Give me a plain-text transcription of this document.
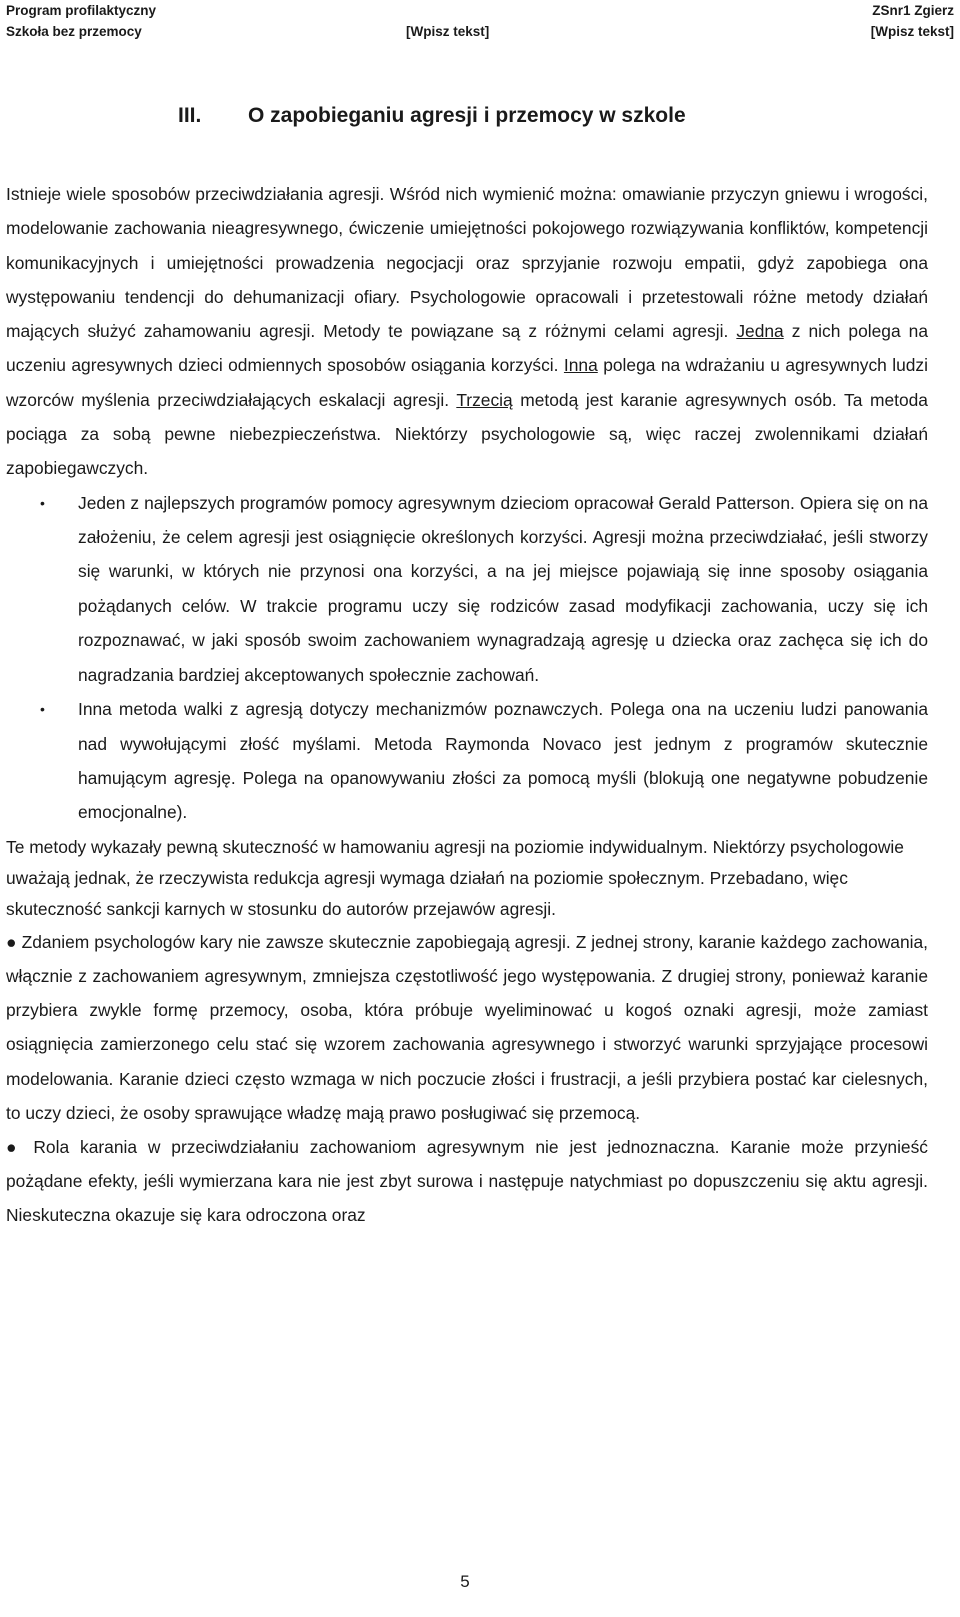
Program profilaktyczny
Szkoła bez przemocy	[Wpisz tekst]
ZSnr1 Zgierz
[Wpisz tekst]
III. O zapobieganiu agresji i przemocy w szkole

Istnieje wiele sposobów przeciwdziałania agresji. Wśród nich wymienić można: omawianie przyczyn gniewu i wrogości, modelowanie zachowania nieagresywnego, ćwiczenie umiejętności pokojowego rozwiązywania konfliktów, kompetencji komunikacyjnych i umiejętności prowadzenia negocjacji oraz sprzyjanie rozwoju empatii, gdyż zapobiega ona występowaniu tendencji do dehumanizacji ofiary. Psychologowie opracowali i przetestowali różne metody działań mających służyć zahamowaniu agresji. Metody te powiązane są z różnymi celami agresji. Jedna z nich polega na uczeniu agresywnych dzieci odmiennych sposobów osiągania korzyści. Inna polega na wdrażaniu u agresywnych ludzi wzorców myślenia przeciwdziałających eskalacji agresji. Trzecią metodą jest karanie agresywnych osób. Ta metoda pociąga za sobą pewne niebezpieczeństwa. Niektórzy psychologowie są, więc raczej zwolennikami działań zapobiegawczych.

• Jeden z najlepszych programów pomocy agresywnym dzieciom opracował Gerald Patterson. Opiera się on na założeniu, że celem agresji jest osiągnięcie określonych korzyści. Agresji można przeciwdziałać, jeśli stworzy się warunki, w których nie przynosi ona korzyści, a na jej miejsce pojawiają się inne sposoby osiągania pożądanych celów. W trakcie programu uczy się rodziców zasad modyfikacji zachowania, uczy się ich rozpoznawać, w jaki sposób swoim zachowaniem wynagradzają agresję u dziecka oraz zachęca się ich do nagradzania bardziej akceptowanych społecznie zachowań.
• Inna metoda walki z agresją dotyczy mechanizmów poznawczych. Polega ona na uczeniu ludzi panowania nad wywołującymi złość myślami. Metoda Raymonda Novaco jest jednym z programów skutecznie hamującym agresję. Polega na opanowywaniu złości za pomocą myśli (blokują one negatywne pobudzenie emocjonalne).

Te metody wykazały pewną skuteczność w hamowaniu agresji na poziomie indywidualnym. Niektórzy psychologowie uważają jednak, że rzeczywista redukcja agresji wymaga działań na poziomie społecznym. Przebadano, więc skuteczność sankcji karnych w stosunku do autorów przejawów agresji.

● Zdaniem psychologów kary nie zawsze skutecznie zapobiegają agresji. Z jednej strony, karanie każdego zachowania, włącznie z zachowaniem agresywnym, zmniejsza częstotliwość jego występowania. Z drugiej strony, ponieważ karanie przybiera zwykle formę przemocy, osoba, która próbuje wyeliminować u kogoś oznaki agresji, może zamiast osiągnięcia zamierzonego celu stać się wzorem zachowania agresywnego i stworzyć warunki sprzyjające procesowi modelowania. Karanie dzieci często wzmaga w nich poczucie złości i frustracji, a jeśli przybiera postać kar cielesnych, to uczy dzieci, że osoby sprawujące władzę mają prawo posługiwać się przemocą.

● Rola karania w przeciwdziałaniu zachowaniom agresywnym nie jest jednoznaczna. Karanie może przynieść pożądane efekty, jeśli wymierzana kara nie jest zbyt surowa i następuje natychmiast po dopuszczeniu się aktu agresji. Nieskuteczna okazuje się kara odroczona oraz

5
